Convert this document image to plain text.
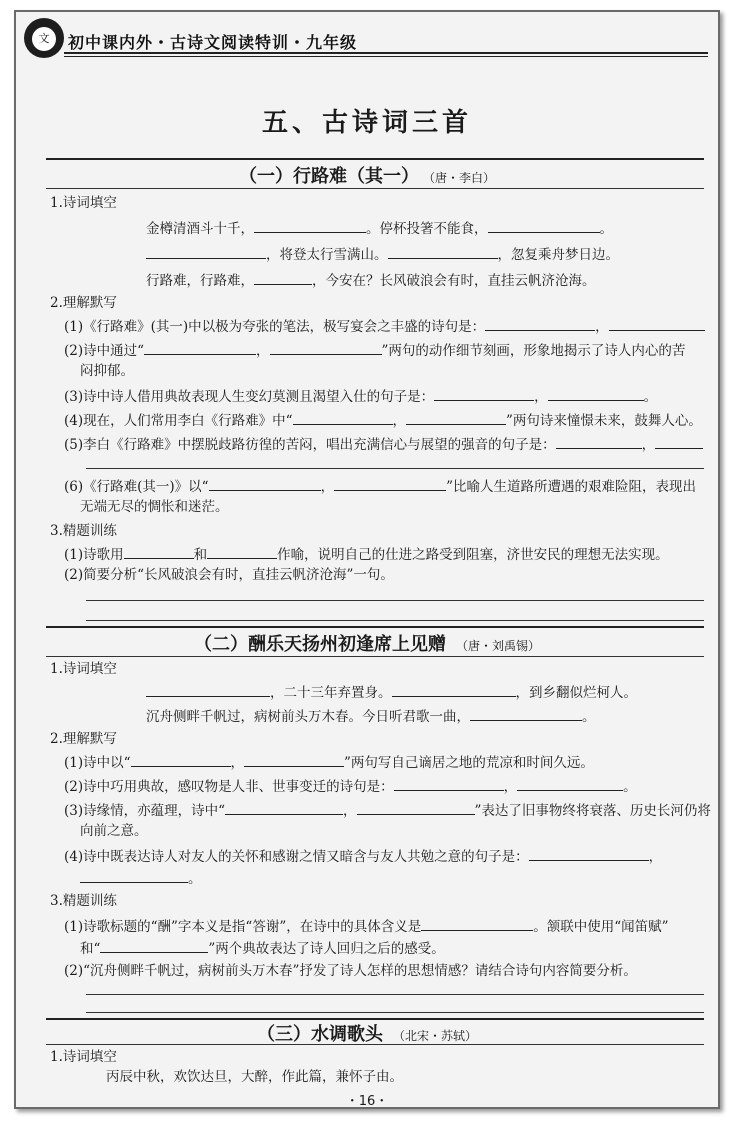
文	初中课内外・古诗文阅读特训・九年级
五、古诗词三首
（一）行路难（其一） （唐・李白）
1.诗词填空
金樽清酒斗十千，	。停杯投箸不能食，	。
，将登太行雪满山。	，忽复乘舟梦日边。
行路难，行路难，	，今安在？长风破浪会有时，直挂云帆济沧海。
2.理解默写
(1)《行路难》(其一)中以极为夸张的笔法，极写宴会之丰盛的诗句是：	，
(2)诗中通过“	，	”两句的动作细节刻画，形象地揭示了诗人内心的苦
闷抑郁。
(3)诗中诗人借用典故表现人生变幻莫测且渴望入仕的句子是：	，	。
(4)现在，人们常用李白《行路难》中“	，	”两句诗来憧憬未来，鼓舞人心。
(5)李白《行路难》中摆脱歧路彷徨的苦闷，唱出充满信心与展望的强音的句子是：	，
(6)《行路难(其一)》以“	，	”比喻人生道路所遭遇的艰难险阻，表现出
无端无尽的惆怅和迷茫。
3.精题训练
(1)诗歌用	和	作喻，说明自己的仕进之路受到阻塞，济世安民的理想无法实现。
(2)简要分析“长风破浪会有时，直挂云帆济沧海”一句。
（二）酬乐天扬州初逢席上见赠 （唐・刘禹锡）
1.诗词填空
，二十三年弃置身。	，到乡翻似烂柯人。
沉舟侧畔千帆过，病树前头万木春。今日听君歌一曲，	。
2.理解默写
(1)诗中以“	，	”两句写自己谪居之地的荒凉和时间久远。
(2)诗中巧用典故，感叹物是人非、世事变迁的诗句是：	，	。
(3)诗缘情，亦蕴理，诗中“	，	”表达了旧事物终将衰落、历史长河仍将
向前之意。
(4)诗中既表达诗人对友人的关怀和感谢之情又暗含与友人共勉之意的句子是：	，
。
3.精题训练
(1)诗歌标题的“酬”字本义是指“答谢”，在诗中的具体含义是	。颔联中使用“闻笛赋”
和“	”两个典故表达了诗人回归之后的感受。
(2)“沉舟侧畔千帆过，病树前头万木春”抒发了诗人怎样的思想情感？请结合诗句内容简要分析。
（三）水调歌头 （北宋・苏轼）
1.诗词填空
丙辰中秋，欢饮达旦，大醉，作此篇，兼怀子由。
・16・
